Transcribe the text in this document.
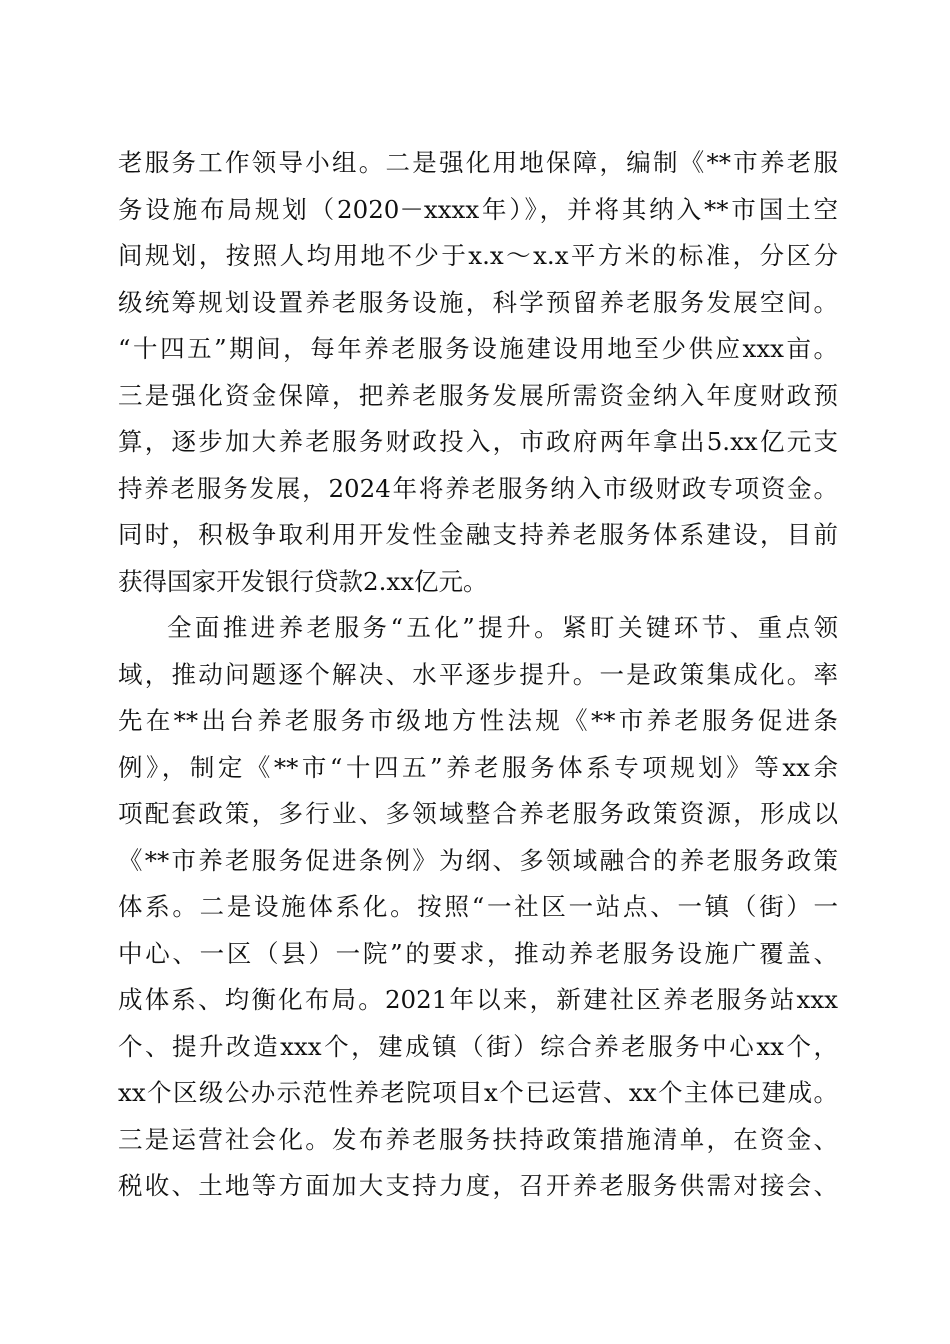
老服务工作领导小组。二是强化用地保障，编制《**市养老服
务设施布局规划（2020－xxxx年）》，并将其纳入**市国土空
间规划，按照人均用地不少于x.x～x.x平方米的标准，分区分
级统筹规划设置养老服务设施，科学预留养老服务发展空间。
“十四五”期间，每年养老服务设施建设用地至少供应xxx亩。
三是强化资金保障，把养老服务发展所需资金纳入年度财政预
算，逐步加大养老服务财政投入，市政府两年拿出5.xx亿元支
持养老服务发展，2024年将养老服务纳入市级财政专项资金。
同时，积极争取利用开发性金融支持养老服务体系建设，目前
获得国家开发银行贷款2.xx亿元。
全面推进养老服务“五化”提升。紧盯关键环节、重点领
域，推动问题逐个解决、水平逐步提升。一是政策集成化。率
先在**出台养老服务市级地方性法规《**市养老服务促进条
例》，制定《**市“十四五”养老服务体系专项规划》等xx余
项配套政策，多行业、多领域整合养老服务政策资源，形成以
《**市养老服务促进条例》为纲、多领域融合的养老服务政策
体系。二是设施体系化。按照“一社区一站点、一镇（街）一
中心、一区（县）一院”的要求，推动养老服务设施广覆盖、
成体系、均衡化布局。2021年以来，新建社区养老服务站xxx
个、提升改造xxx个，建成镇（街）综合养老服务中心xx个，
xx个区级公办示范性养老院项目x个已运营、xx个主体已建成。
三是运营社会化。发布养老服务扶持政策措施清单，在资金、
税收、土地等方面加大支持力度，召开养老服务供需对接会、
